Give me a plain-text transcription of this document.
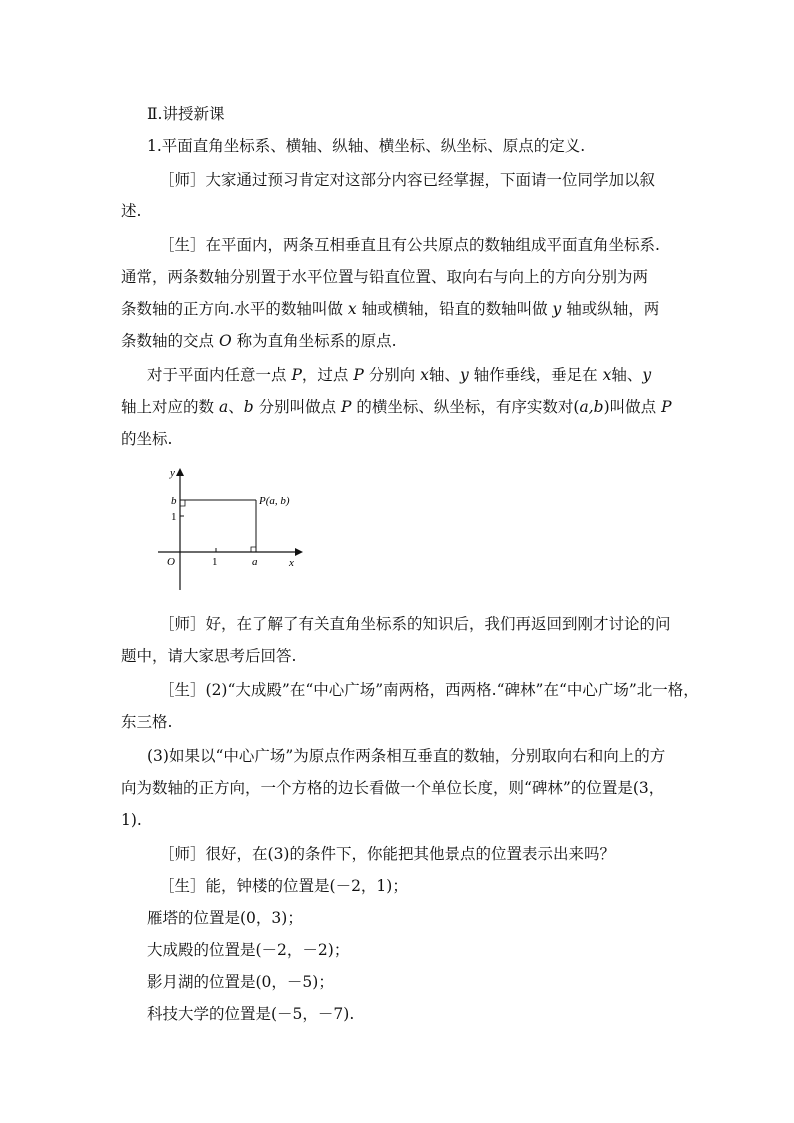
Ⅱ.讲授新课
1.平面直角坐标系、横轴、纵轴、横坐标、纵坐标、原点的定义.
［师］大家通过预习肯定对这部分内容已经掌握，下面请一位同学加以叙
述.
［生］在平面内，两条互相垂直且有公共原点的数轴组成平面直角坐标系.
通常，两条数轴分别置于水平位置与铅直位置、取向右与向上的方向分别为两
条数轴的正方向.水平的数轴叫做 x 轴或横轴，铅直的数轴叫做 y 轴或纵轴，两
条数轴的交点 O 称为直角坐标系的原点.
对于平面内任意一点 P，过点 P 分别向 x轴、y 轴作垂线，垂足在 x轴、y
轴上对应的数 a、b 分别叫做点 P 的横坐标、纵坐标，有序实数对(a,b)叫做点 P
的坐标.
y
x
O
b
1
1	a
P(a, b)
［师］好，在了解了有关直角坐标系的知识后，我们再返回到刚才讨论的问
题中，请大家思考后回答.
［生］(2)“大成殿”在“中心广场”南两格，西两格.“碑林”在“中心广场”北一格，
东三格.
(3)如果以“中心广场”为原点作两条相互垂直的数轴，分别取向右和向上的方
向为数轴的正方向，一个方格的边长看做一个单位长度，则“碑林”的位置是(3，
1).
［师］很好，在(3)的条件下，你能把其他景点的位置表示出来吗？
［生］能，钟楼的位置是(－2，1)；
雁塔的位置是(0，3)；
大成殿的位置是(－2，－2)；
影月湖的位置是(0，－5)；
科技大学的位置是(－5，－7).
